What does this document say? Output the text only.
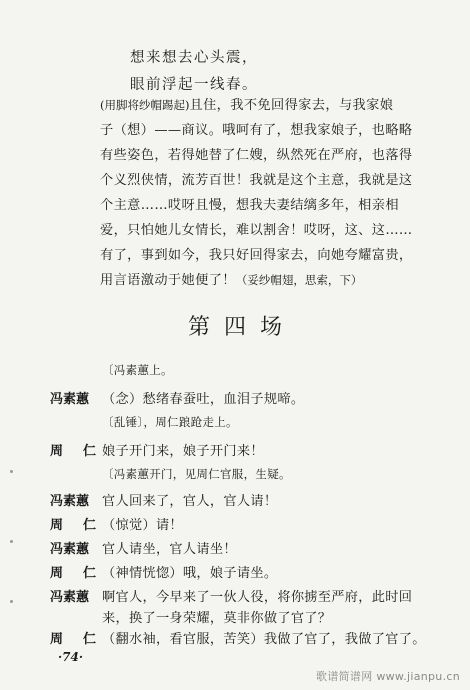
想来想去心头震，
眼前浮起一线春。
(用脚将纱帽踢起)且住，我不免回得家去，与我家娘
子（想）——商议。哦呵有了，想我家娘子，也略略
有些姿色，若得她替了仁嫂，纵然死在严府，也落得
个义烈侠情，流芳百世！我就是这个主意，我就是这
个主意……哎呀且慢，想我夫妻结缡多年，相亲相
爱，只怕她儿女情长，难以割舍！哎呀，这、这……
有了，事到如今，我只好回得家去，向她夸耀富贵，
用言语激动于她便了！（妥纱帽翅，思索，下）
第四场
〔冯素蕙上。
冯素蕙 （念）愁绪春蚕吐，血泪子规啼。
〔乱锤〕，周仁踉跄走上。
周 仁 娘子开门来，娘子开门来！
〔冯素蕙开门，见周仁官服，生疑。
冯素蕙 官人回来了，官人，官人请！
周 仁 （惊觉）请！
冯素蕙 官人请坐，官人请坐！
周 仁 （神情恍惚）哦，娘子请坐。
冯素蕙 啊官人，今早来了一伙人役，将你掳至严府，此时回
来，换了一身荣耀，莫非你做了官了？
周 仁 （翻水袖，看官服，苦笑）我做了官了，我做了官了。
·74·
歌谱简谱网 www.jianpu.cn
